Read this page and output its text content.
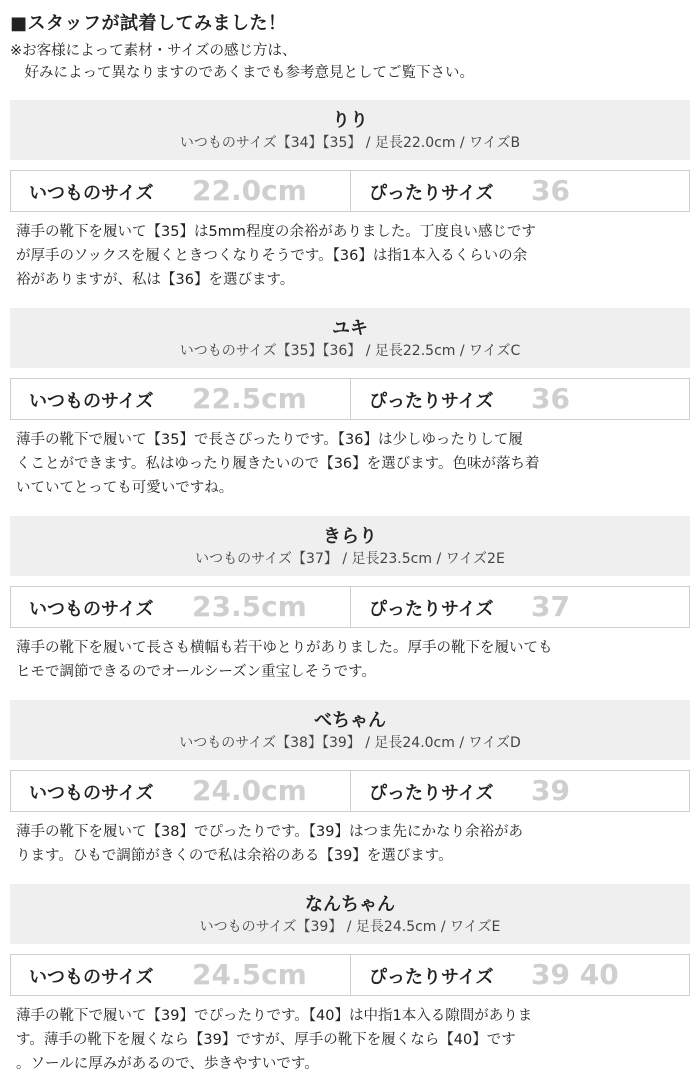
■スタッフが試着してみました！
※お客様によって素材・サイズの感じ方は、
　好みによって異なりますのであくまでも参考意見としてご覧下さい。
りり
いつものサイズ【34】【35】 / 足長22.0cm / ワイズB
いつものサイズ 22.0cm	ぴったりサイズ 36
薄手の靴下を履いて【35】は5mm程度の余裕がありました。丁度良い感じです
が厚手のソックスを履くときつくなりそうです。【36】は指1本入るくらいの余
裕がありますが、私は【36】を選びます。
ユキ
いつものサイズ【35】【36】 / 足長22.5cm / ワイズC
いつものサイズ 22.5cm	ぴったりサイズ 36
薄手の靴下で履いて【35】で長さぴったりです。【36】は少しゆったりして履
くことができます。私はゆったり履きたいので【36】を選びます。色味が落ち着
いていてとっても可愛いですね。
きらり
いつものサイズ【37】 / 足長23.5cm / ワイズ2E
いつものサイズ 23.5cm	ぴったりサイズ 37
薄手の靴下を履いて長さも横幅も若干ゆとりがありました。厚手の靴下を履いても
ヒモで調節できるのでオールシーズン重宝しそうです。
べちゃん
いつものサイズ【38】【39】 / 足長24.0cm / ワイズD
いつものサイズ 24.0cm	ぴったりサイズ 39
薄手の靴下を履いて【38】でぴったりです。【39】はつま先にかなり余裕があ
ります。ひもで調節がきくので私は余裕のある【39】を選びます。
なんちゃん
いつものサイズ【39】 / 足長24.5cm / ワイズE
いつものサイズ 24.5cm	ぴったりサイズ 39 40
薄手の靴下で履いて【39】でぴったりです。【40】は中指1本入る隙間がありま
す。薄手の靴下を履くなら【39】ですが、厚手の靴下を履くなら【40】です
。ソールに厚みがあるので、歩きやすいです。
